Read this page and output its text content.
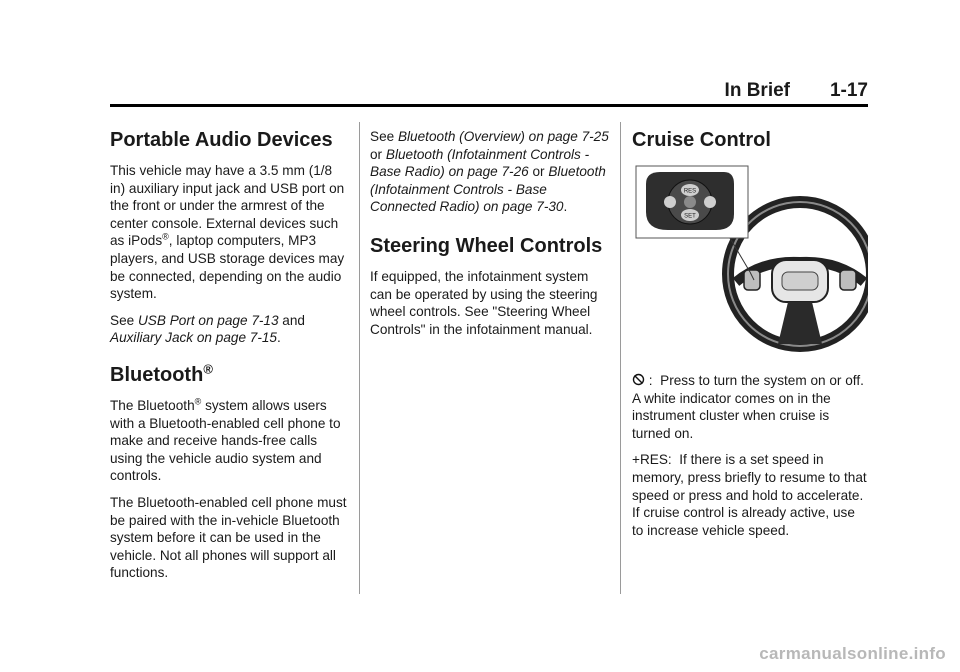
In Brief 1-17
Portable Audio Devices

This vehicle may have a 3.5 mm (1/8 in) auxiliary input jack and USB port on the front or under the armrest of the center console. External devices such as iPods®, laptop computers, MP3 players, and USB storage devices may be connected, depending on the audio system.

See USB Port on page 7-13 and Auxiliary Jack on page 7-15.

Bluetooth®

The Bluetooth® system allows users with a Bluetooth-enabled cell phone to make and receive hands-free calls using the vehicle audio system and controls.

The Bluetooth-enabled cell phone must be paired with the in-vehicle Bluetooth system before it can be used in the vehicle. Not all phones will support all functions.

See Bluetooth (Overview) on page 7-25 or Bluetooth (Infotainment Controls - Base Radio) on page 7-26 or Bluetooth (Infotainment Controls - Base Connected Radio) on page 7-30.

Steering Wheel Controls

If equipped, the infotainment system can be operated by using the steering wheel controls. See "Steering Wheel Controls" in the infotainment manual.

Cruise Control
RES
SET

: Press to turn the system on or off. A white indicator comes on in the instrument cluster when cruise is turned on.

+RES: If there is a set speed in memory, press briefly to resume to that speed or press and hold to accelerate. If cruise control is already active, use to increase vehicle speed.

carmanualsonline.info
